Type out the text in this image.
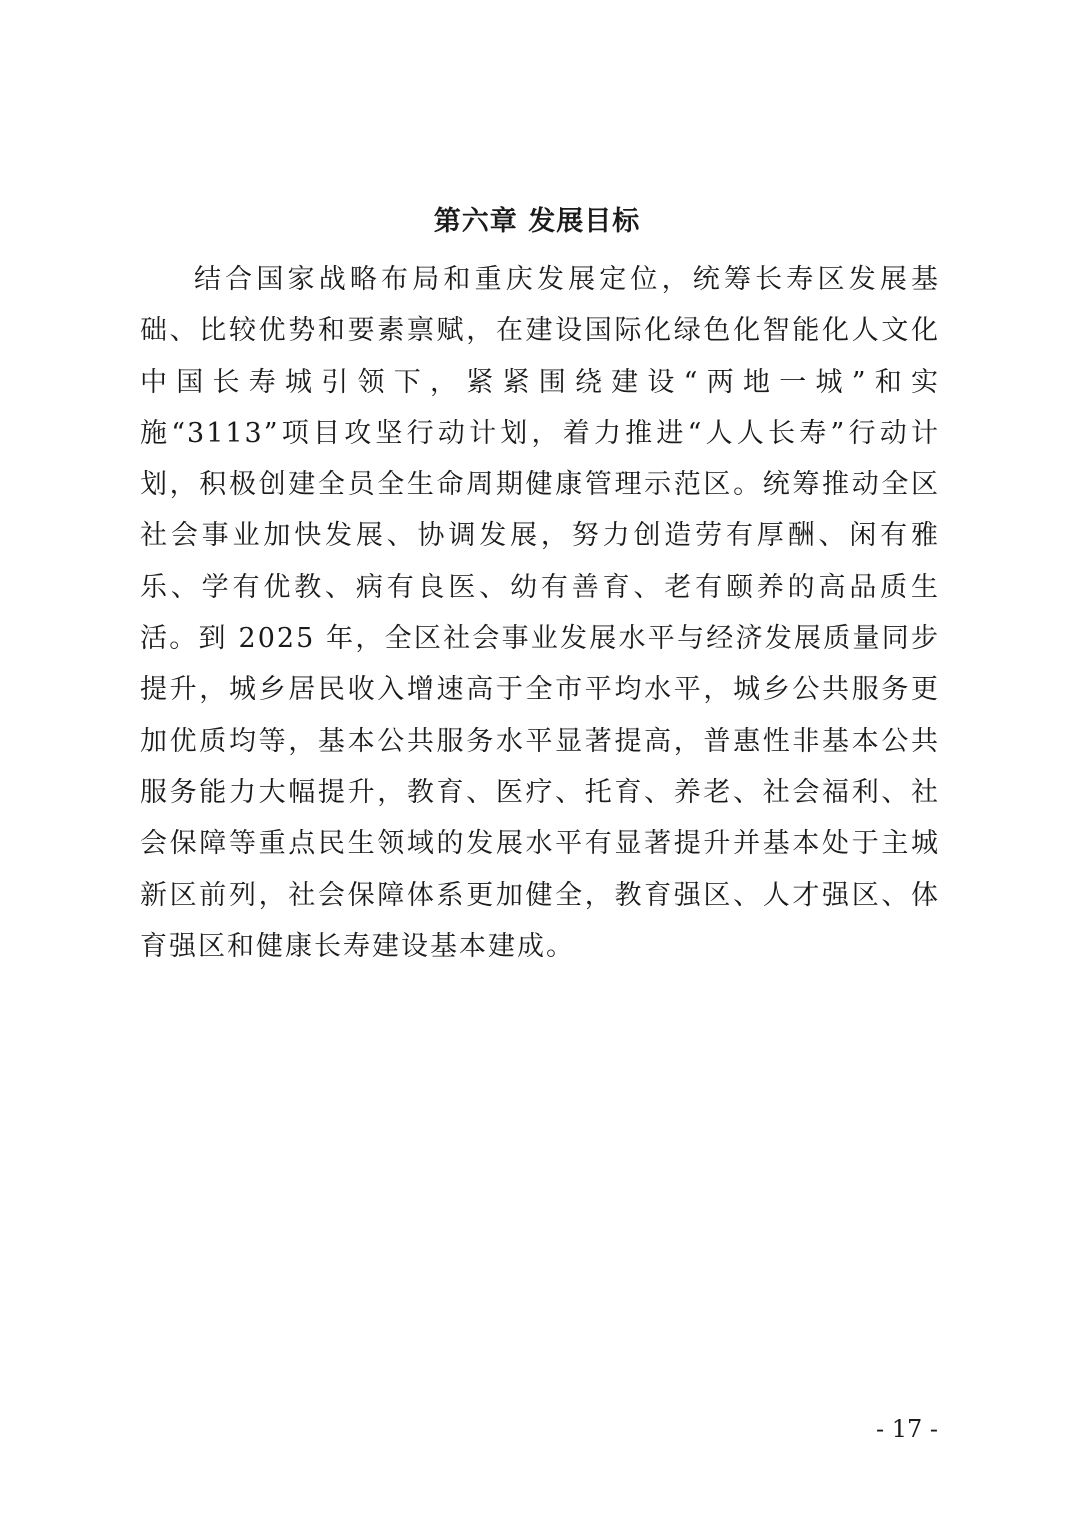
第六章 发展目标

结合国家战略布局和重庆发展定位，统筹长寿区发展基础、比较优势和要素禀赋，在建设国际化绿色化智能化人文化中国长寿城引领下，紧紧围绕建设“两地一城”和实施“3113”项目攻坚行动计划，着力推进“人人长寿”行动计划，积极创建全员全生命周期健康管理示范区。统筹推动全区社会事业加快发展、协调发展，努力创造劳有厚酬、闲有雅乐、学有优教、病有良医、幼有善育、老有颐养的高品质生活。到 2025 年，全区社会事业发展水平与经济发展质量同步提升，城乡居民收入增速高于全市平均水平，城乡公共服务更加优质均等，基本公共服务水平显著提高，普惠性非基本公共服务能力大幅提升，教育、医疗、托育、养老、社会福利、社会保障等重点民生领域的发展水平有显著提升并基本处于主城新区前列，社会保障体系更加健全，教育强区、人才强区、体育强区和健康长寿建设基本建成。

- 17 -
